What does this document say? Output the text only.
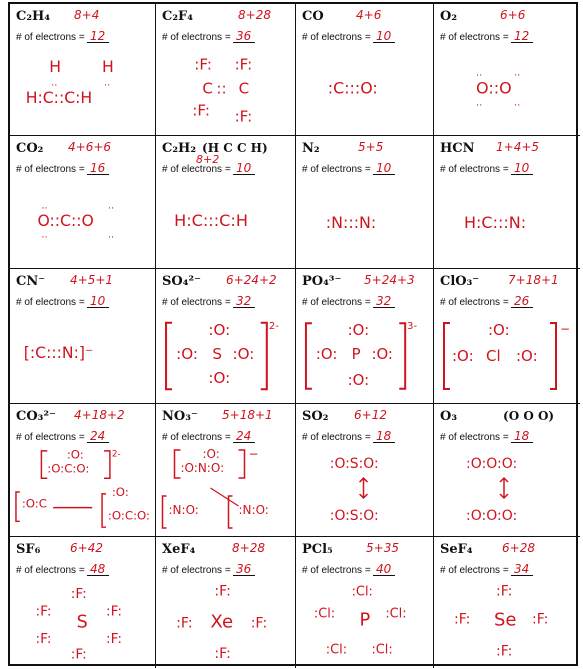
C₂H₄ 8+4
# of electrons = 12
H	H
..	..
H:C::C:H
C₂F₄	8+28
# of electrons = 36
:F: :F:
C :: C
:F: :F:
CO	4+6
# of electrons = 10
:C:::O:
O₂	6+6
# of electrons = 12
..	..
O::O
..	..
CO₂ 4+6+6
# of electrons = 16
..	..
O::C::O
..	..
C₂H₂ (H C C H)
8+2
# of electrons = 10
H:C:::C:H
N₂	5+5
# of electrons = 10
:N:::N:
HCN 1+4+5
# of electrons = 10
H:C:::N:
CN⁻ 4+5+1
# of electrons = 10
[:C:::N:]⁻
SO₄²⁻ 6+24+2
# of electrons = 32
2-
:O:
:O: S :O:
:O:
PO₄³⁻ 5+24+3
# of electrons = 32
3-
:O:
:O: P :O:
:O:
ClO₃⁻ 7+18+1
# of electrons = 26
−
:O:
:O: Cl :O:
CO₃²⁻ 4+18+2
# of electrons = 24
2-
:O:
:O:C:O:
:O:C
:O:
:O:C:O:
NO₃⁻ 5+18+1
# of electrons = 24
−
:O:
:O:N:O:
:N:O:	:N:O:
SO₂ 6+12
# of electrons = 18
:O:S:O:
:O:S:O:
O₃	(O O O)
# of electrons = 18
:O:O:O:
:O:O:O:
SF₆ 6+42
# of electrons = 48
:F:
:F:	:F:
S
:F:	:F:
:F:
XeF₄	8+28
# of electrons = 36
:F:
:F: Xe :F:
:F:
PCl₅	5+35
# of electrons = 40
:Cl:
:Cl:	:Cl:
P
:Cl: :Cl:
SeF₄ 6+28
# of electrons = 34
:F:
:F: Se :F:
:F:
